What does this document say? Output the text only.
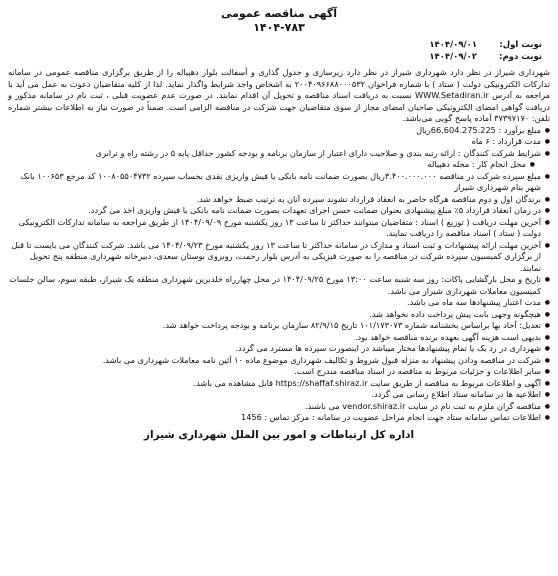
آگهی مناقصه عمومی
۱۴۰۴-۷۸۳
نوبت اول: ۱۴۰۴/۰۹/۰۱
نوبت دوم: ۱۴۰۴/۰۹/۰۲
شهرداری شیراز در نظر دارد شهرداری شیراز در نظر دارد زیرسازی و جدول گذاری و آسفالت بلوار دهپیاله را از طریق برگزاری مناقصه عمومی در سامانه تدارکات الکترونیکی دولت ( ستاد ) با شماره فراخوان ۲۰۰۴۰۹۶۶۸۸۰۰۰۵۳۲ به اشخاص واجد شرایط واگذار نماید. لذا از کلیه متقاضیان دعوت به عمل می آید با مراجعه به آدرس WWW.Setadiran.ir نسبت به دریافت اسناد مناقصه و تحویل آن اقدام نمایند. در صورت عدم عضویت قبلی ، ثبت نام در سامانه مذکور و دریافت گواهی امضای الکترونیکی صاحبان امضای مجاز از سوی متقاضیان جهت شرکت در مناقصه الزامی است. ضمناً در صورت نیاز به اطلاعات بیشتر شماره تلفن: ۳۷۳۹۷۱۷۰ آماده پاسخ گویی می‌باشد.
● مبلغ برآورد : 66.604.275.225ریال
● مدت قرارداد : ۶ ماه
● شرایط شرکت کنندگان : ارائه رتبه بندی و صلاحیت دارای اعتبار از سازمان برنامه و بودجه کشور حداقل پایه ۵ در رشته راه و ترابری
● محل انجام کار : محله دهپیاله
● مبلغ سپرده شرکت در مناقصه ۳.۴۰۰.۰۰۰.۰۰۰ریال بصورت ضمانت نامه بانکی یا فیش واریزی نقدی بحساب سپرده ۱۰۰۸۰۵۵۰۴۷۳۲ کد مرجع ۱۰۰۶۵۳ بانک شهر بنام شهرداری شیراز
● برندگان اول و دوم مناقصه هرگاه حاضر به انعقاد قرارداد نشوند سپرده آنان به ترتیب ضبط خواهد شد.
● در زمان انعقاد قرارداد ۵٪ مبلغ پیشنهادی بعنوان ضمانت حسن اجرای تعهدات بصورت ضمانت نامه بانکی یا فیش واریزی اخذ می گردد.
● آخرین مهلت دریافت ( توزیع ) اسناد : متقاضیان میتوانند حداکثر تا ساعت ۱۳ روز یکشنبه مورخ ۱۴۰۴/۰۹/۰۹ از طریق مراجعه به سامانه تدارکات الکترونیکی دولت ( ستاد ) اسناد مناقصه را دریافت نمایند.
● آخرین مهلت ارائه پیشنهادات و ثبت اسناد و مدارک در سامانه حداکثر تا ساعت ۱۳ روز یکشنبه مورخ ۱۴۰۴/۰۹/۲۳ می باشد. شرکت کنندگان می بایست تا قبل از برگزاری کمیسیون سپرده شرکت در مناقصه را به صورت فیزیکی به آدرس بلوار رحمت، روبروی بوستان سعدی، دبیرخانه شهرداری منطقه پنج تحویل نمایند.
● تاریخ و محل بازگشایی پاکات: روز سه شنبه ساعت ۱۳:۰۰ مورخ ۱۴۰۴/۰۹/۲۵ در محل چهارراه خلدبرین شهرداری منطقه یک شیراز، طبقه سوم، سالن جلسات کمیسیون معاملات شهرداری شیراز می باشد.
● مدت اعتبار پیشنهادها سه ماه می باشد.
● هیچگونه وجهی بابت پیش پرداخت داده نخواهد شد.
● تعدیل: آحاد بها براساس بخشنامه شماره ۱۰۱/۱۷۳۰۷۳ تاریخ ۸۲/۹/۱۵ سازمان برنامه و بودجه پرداخت خواهد شد.
● بدیهی است هزینه آگهی بعهده برنده مناقصه خواهد بود.
● شهرداری در رد یک یا تمام پیشنهادها مختار میباشد در اینصورت سپرده ها مسترد می گردد.
● شرکت در مناقصه ودادن پیشنهاد به منزله قبول شروط و تکالیف شهرداری موضوع ماده ۱۰ آئین نامه معاملات شهرداری می باشد.
● سایر اطلاعات و جزئیات مربوط به مناقصه در اسناد مناقصه مندرج است.
● آگهی و اطلاعات مربوط به مناقصه از طریق سایت https://shaffaf.shiraz.ir قابل مشاهده می باشد.
● اطلاعیه ها در سامانه ستاد اطلاع رسانی می گردد.
● مناقصه گران ملزم به ثبت نام در سایت vendor.shiraz.ir می باشند.
● اطلاعات تماس سامانه ستاد جهت انجام مراحل عضویت در سامانه : مرکز تماس : 1456
اداره کل ارتباطات و امور بین الملل شهرداری شیراز
